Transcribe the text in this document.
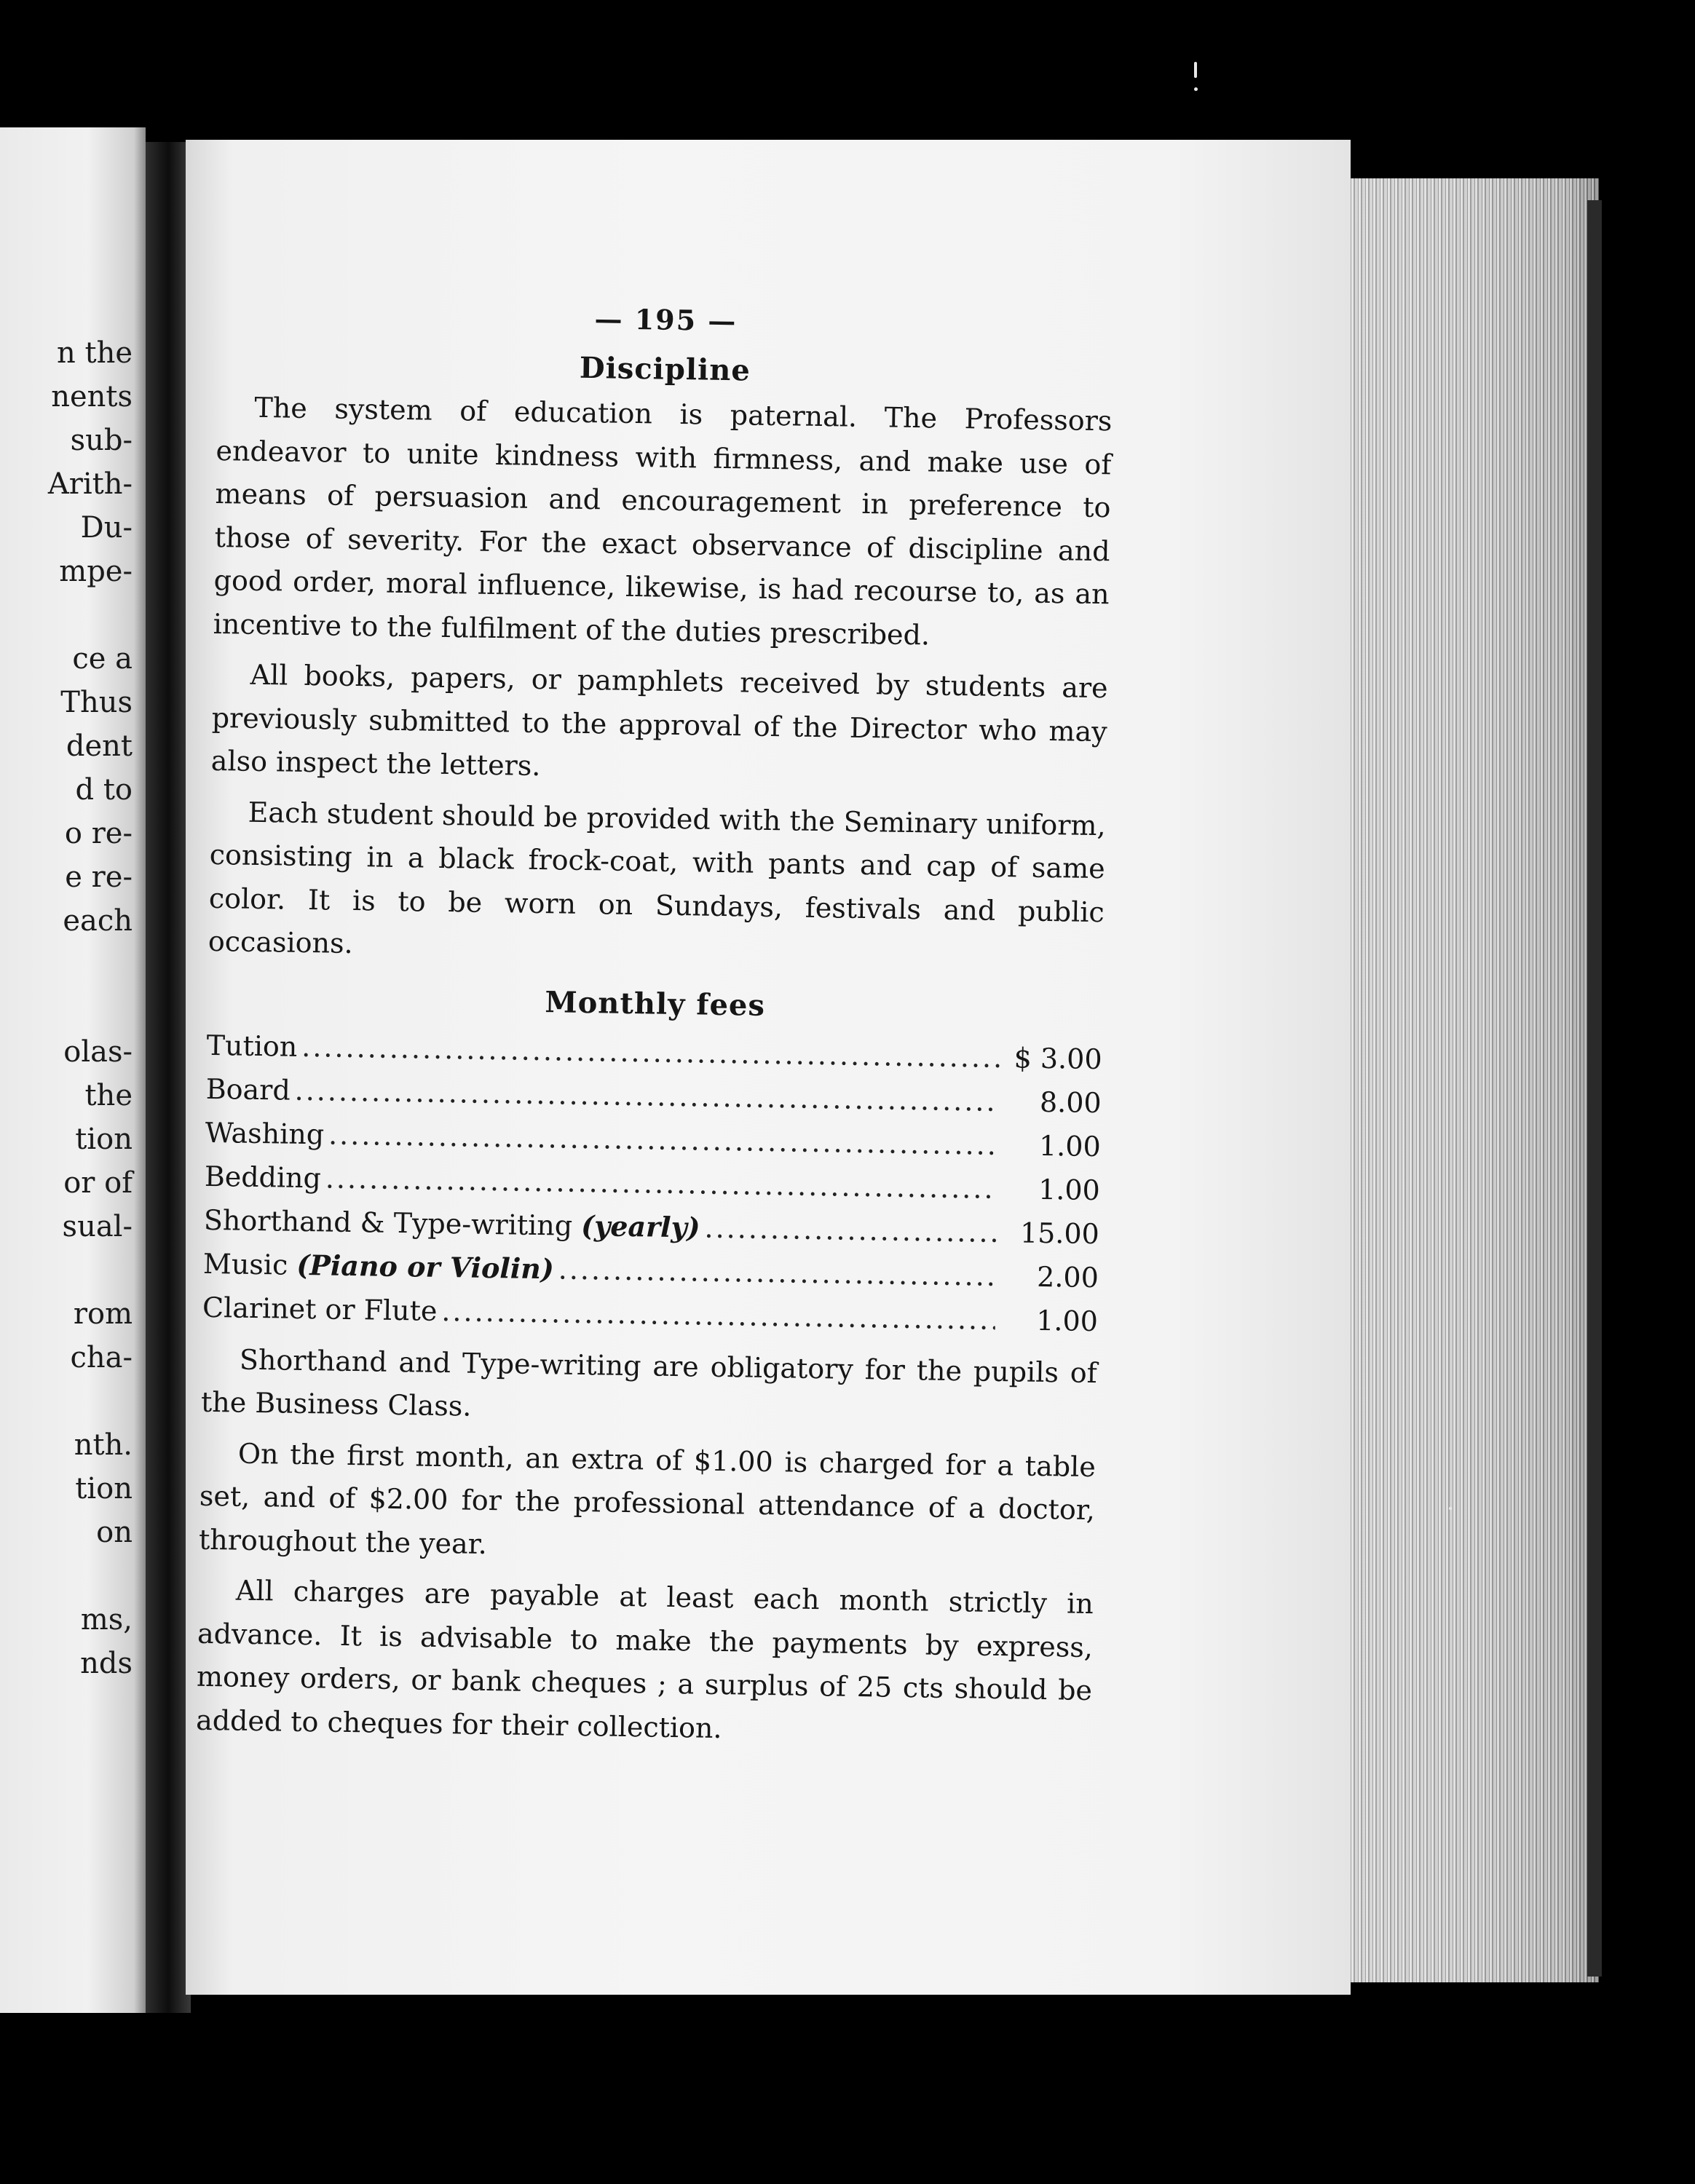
n the
nents
sub-
Arith-
Du-
mpe-
ce a
Thus
dent
d to
o re-
e re-
each
olas-
the
tion
or of
sual-
rom
cha-
nth.
tion
on
ms,
nds
— 195 —
Discipline

The system of education is paternal. The Professors endeavor to unite kindness with firmness, and make use of means of persuasion and encouragement in preference to those of severity. For the exact observance of discipline and good order, moral influence, likewise, is had recourse to, as an incentive to the fulfilment of the duties prescribed.

All books, papers, or pamphlets received by students are previously submitted to the approval of the Director who may also inspect the letters.

Each student should be provided with the Seminary uniform, consisting in a black frock-coat, with pants and cap of same color. It is to be worn on Sundays, festivals and public occasions.

Monthly fees
Tution .....	$ 3.00
Board .....	8.00
Washing .....	1.00
Bedding .....	1.00
Shorthand & Type-writing (yearly) .....	15.00
Music (Piano or Violin) .....	2.00
Clarinet or Flute .....	1.00

Shorthand and Type-writing are obligatory for the pupils of the Business Class.

On the first month, an extra of $1.00 is charged for a table set, and of $2.00 for the professional attendance of a doctor, throughout the year.

All charges are payable at least each month strictly in advance. It is advisable to make the payments by express, money orders, or bank cheques ; a surplus of 25 cts should be added to cheques for their collection.
